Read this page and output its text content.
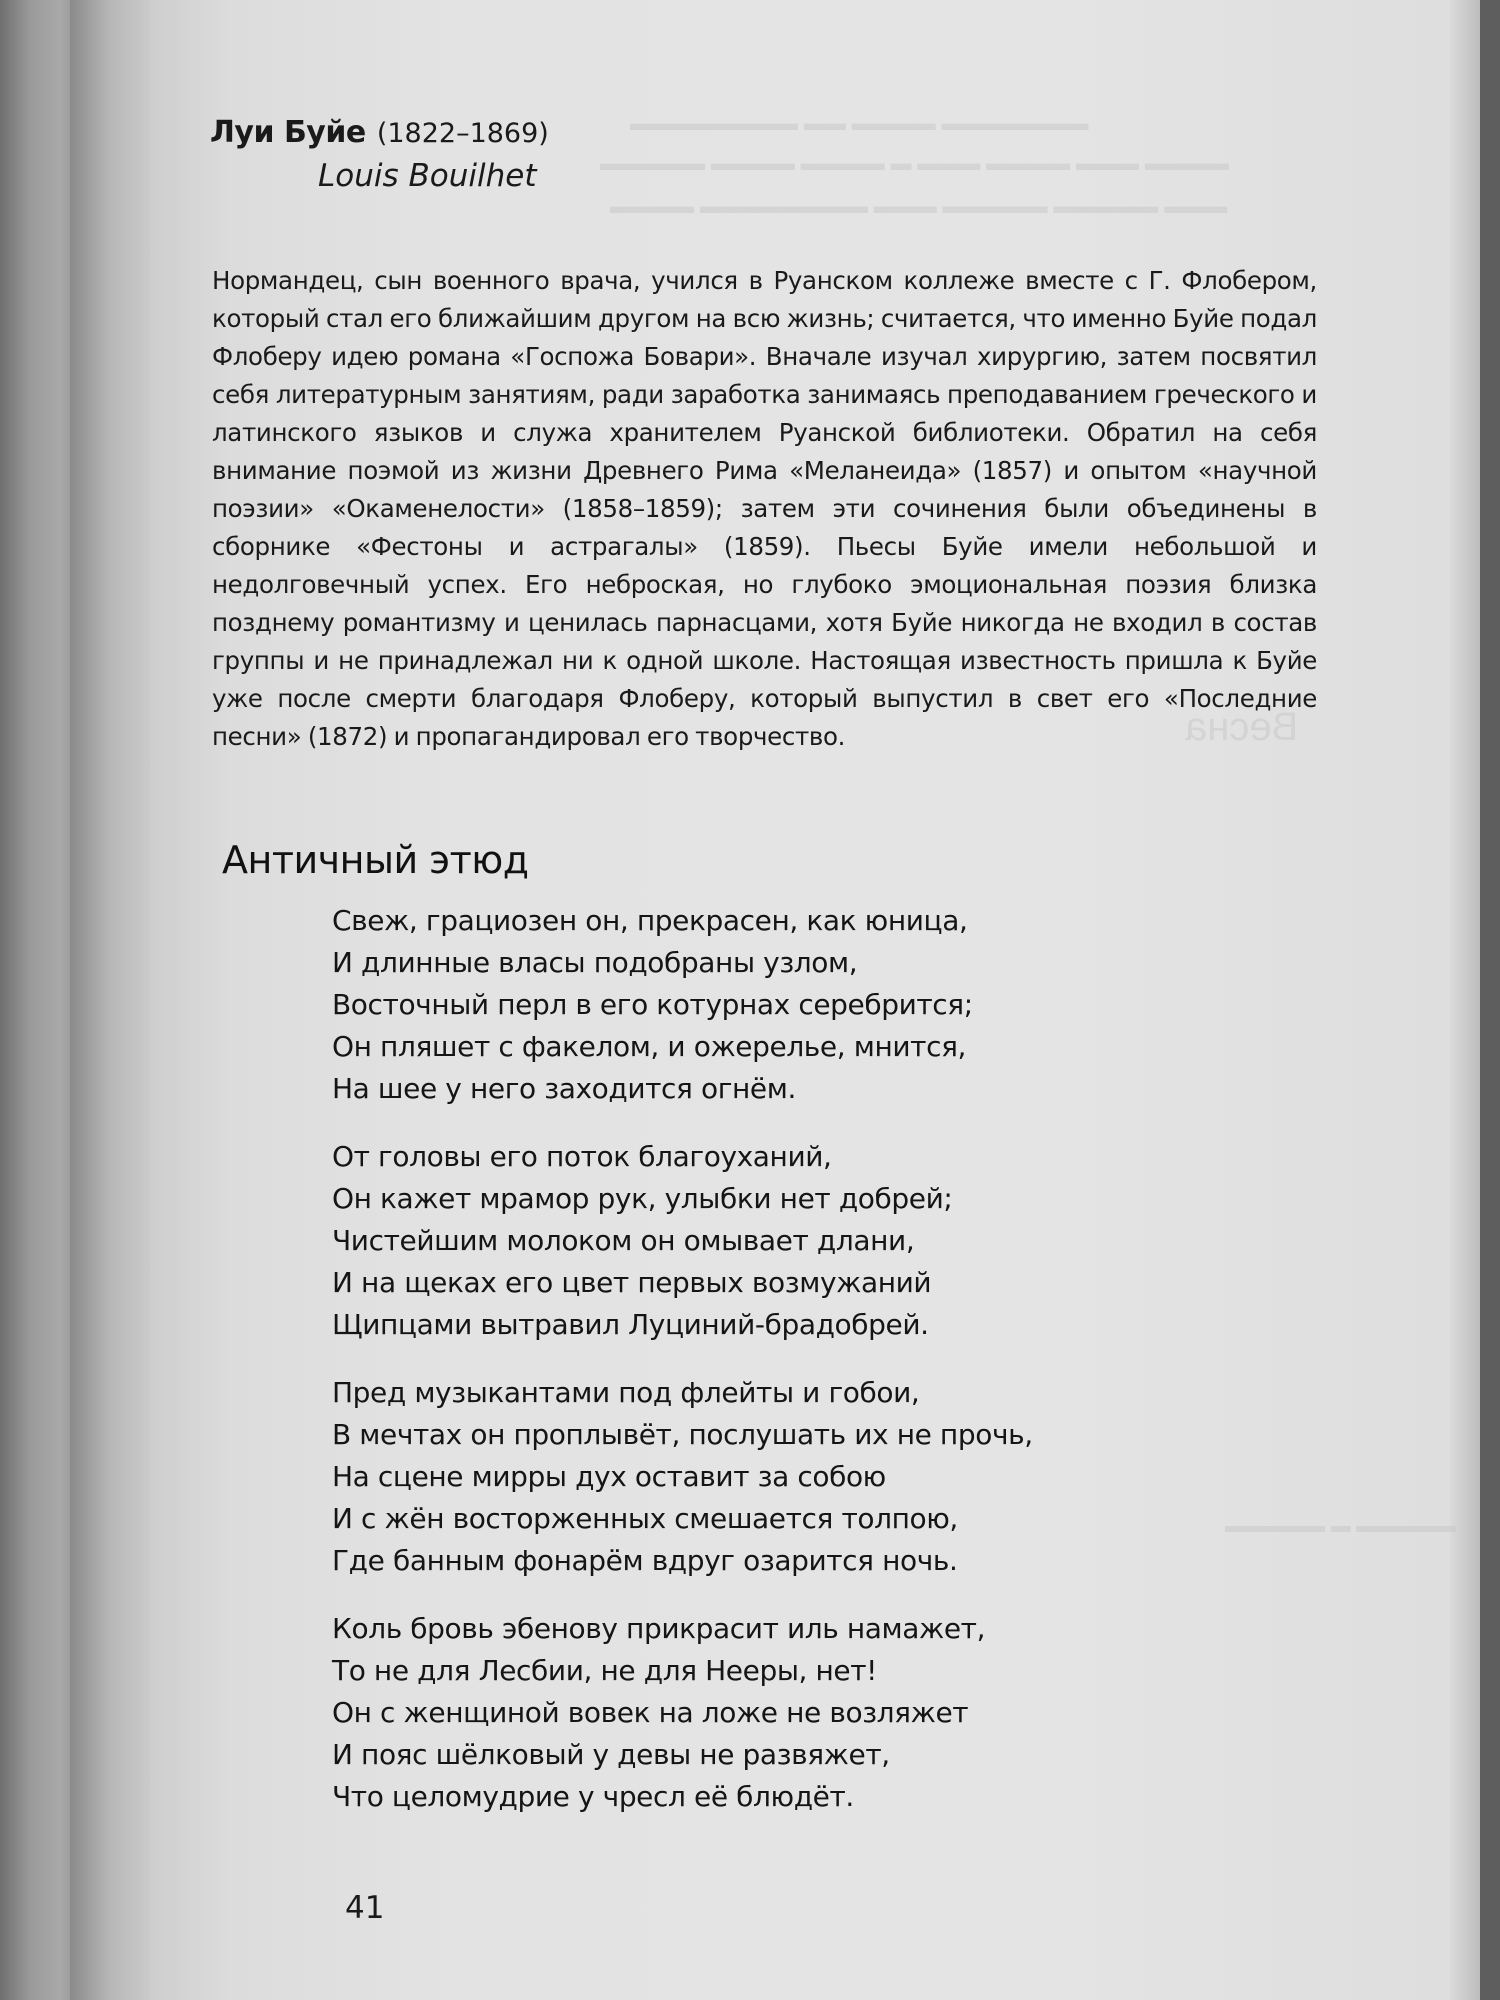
Весна
▬▬▬▬▬▬▬ ▬▬▬▬ ▬▬ ▬▬▬▬▬▬▬▬
▬▬▬▬ ▬▬▬ ▬▬▬▬ ▬▬▬ ▬ ▬▬▬▬ ▬▬▬▬ ▬▬▬▬▬
▬▬▬ ▬▬▬▬▬ ▬▬▬▬▬ ▬▬▬ ▬▬▬▬▬▬▬▬ ▬▬▬▬
▬▬▬▬▬ ▬ ▬▬▬▬▬
Луи Буйе (1822–1869)
Louis Bouilhet
Нормандец, сын военного врача, учился в Руанском коллеже вместе с Г. Флобером, который стал его ближайшим другом на всю жизнь; считается, что именно Буйе подал Флоберу идею романа «Госпожа Бовари». Вначале изучал хирургию, затем посвятил себя литературным занятиям, ради заработка занимаясь преподаванием греческого и латинского языков и служа хранителем Руанской библиотеки. Обратил на себя внимание поэмой из жизни Древнего Рима «Меланеида» (1857) и опытом «научной поэзии» «Окаменелости» (1858–1859); затем эти сочинения были объединены в сборнике «Фестоны и астрагалы» (1859). Пьесы Буйе имели небольшой и недолговечный успех. Его неброская, но глубоко эмоциональная поэзия близка позднему романтизму и ценилась парнасцами, хотя Буйе никогда не входил в состав группы и не принадлежал ни к одной школе. Настоящая известность пришла к Буйе уже после смерти благодаря Флоберу, который выпустил в свет его «Последние песни» (1872) и пропагандировал его творчество.
Античный этюд
Свеж, грациозен он, прекрасен, как юница,
И длинные власы подобраны узлом,
Восточный перл в его котурнах серебрится;
Он пляшет с факелом, и ожерелье, мнится,
На шее у него заходится огнём.
От головы его поток благоуханий,
Он кажет мрамор рук, улыбки нет добрей;
Чистейшим молоком он омывает длани,
И на щеках его цвет первых возмужаний
Щипцами вытравил Луциний-брадобрей.
Пред музыкантами под флейты и гобои,
В мечтах он проплывёт, послушать их не прочь,
На сцене мирры дух оставит за собою
И с жён восторженных смешается толпою,
Где банным фонарём вдруг озарится ночь.
Коль бровь эбенову прикрасит иль намажет,
То не для Лесбии, не для Нееры, нет!
Он с женщиной вовек на ложе не возляжет
И пояс шёлковый у девы не развяжет,
Что целомудрие у чресл её блюдёт.
41
